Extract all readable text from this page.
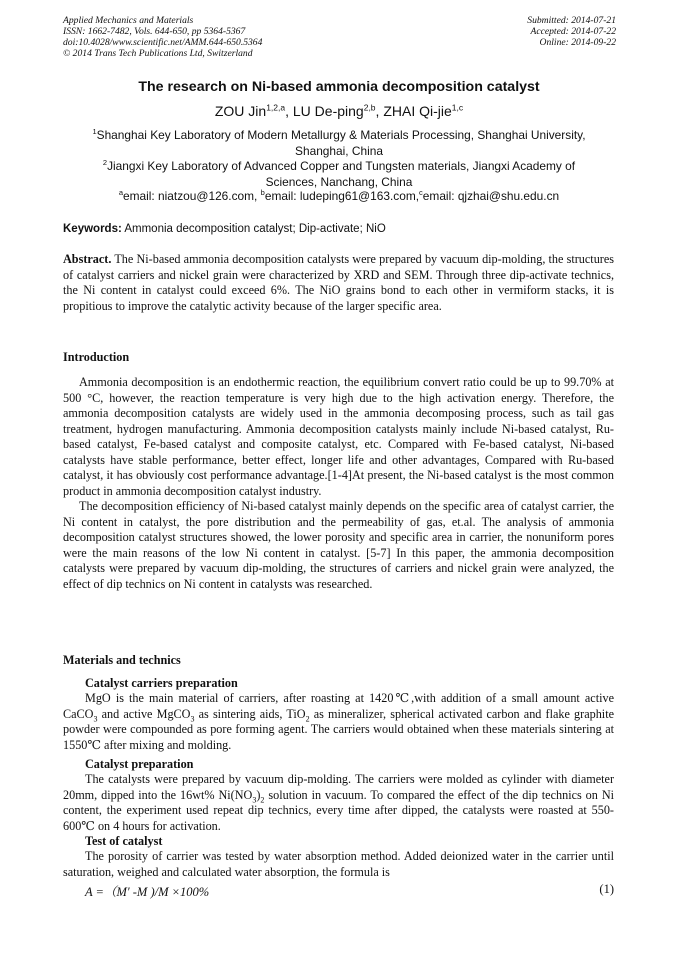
Applied Mechanics and Materials
ISSN: 1662-7482, Vols. 644-650, pp 5364-5367
doi:10.4028/www.scientific.net/AMM.644-650.5364
© 2014 Trans Tech Publications Ltd, Switzerland
Submitted: 2014-07-21
Accepted: 2014-07-22
Online: 2014-09-22
The research on Ni-based ammonia decomposition catalyst
ZOU Jin$^{1,2,a}$, LU De-ping$^{2,b}$, ZHAI Qi-jie$^{1,c}$
$^1$Shanghai Key Laboratory of Modern Metallurgy & Materials Processing, Shanghai University,
Shanghai, China
$^2$Jiangxi Key Laboratory of Advanced Copper and Tungsten materials, Jiangxi Academy of
Sciences, Nanchang, China
$^a$email: niatzou@126.com, $^b$email: ludeping61@163.com,$^c$email: qjzhai@shu.edu.cn
Keywords: Ammonia decomposition catalyst; Dip-activate; NiO

Abstract. The Ni-based ammonia decomposition catalysts were prepared by vacuum dip-molding, the structures of catalyst carriers and nickel grain were characterized by XRD and SEM. Through three dip-activate technics, the Ni content in catalyst could exceed 6%. The NiO grains bond to each other in vermiform stacks, it is propitious to improve the catalytic activity because of the larger specific area.

Introduction

Ammonia decomposition is an endothermic reaction, the equilibrium convert ratio could be up to 99.70% at 500 °C, however, the reaction temperature is very high due to the high activation energy. Therefore, the ammonia decomposition catalysts are widely used in the ammonia decomposing process, such as tail gas treatment, hydrogen manufacturing. Ammonia decomposition catalysts mainly include Ni-based catalyst, Ru-based catalyst, Fe-based catalyst and composite catalyst, etc. Compared with Fe-based catalyst, Ni-based catalysts have stable performance, better effect, longer life and other advantages, Compared with Ru-based catalyst, it has obviously cost performance advantage.[1-4]At present, the Ni-based catalyst is the most common product in ammonia decomposition catalyst industry.

The decomposition efficiency of Ni-based catalyst mainly depends on the specific area of catalyst carrier, the Ni content in catalyst, the pore distribution and the permeability of gas, et.al. The analysis of ammonia decomposition catalyst structures showed, the lower porosity and specific area in carrier, the nonuniform pores were the main reasons of the low Ni content in catalyst. [5-7] In this paper, the ammonia decomposition catalysts were prepared by vacuum dip-molding, the structures of carriers and nickel grain were analyzed, the effect of dip technics on Ni content in catalysts was researched.

Materials and technics
Catalyst carriers preparation

MgO is the main material of carriers, after roasting at 1420℃,with addition of a small amount active CaCO$_3$ and active MgCO$_3$ as sintering aids, TiO$_2$ as mineralizer, spherical activated carbon and flake graphite powder were compounded as pore forming agent. The carriers would obtained when these materials sintering at 1550℃ after mixing and molding.

Catalyst preparation

The catalysts were prepared by vacuum dip-molding. The carriers were molded as cylinder with diameter 20mm, dipped into the 16wt% $Ni(NO_3)_2$ solution in vacuum. To compared the effect of the dip technics on Ni content, the experiment used repeat dip technics, every time after dipped, the catalysts were roasted at 550-600℃ on 4 hours for activation.

Test of catalyst

The porosity of carrier was tested by water absorption method. Added deionized water in the carrier until saturation, weighed and calculated water absorption, the formula is

A =（M′ -M )/M ×100%	(1)
